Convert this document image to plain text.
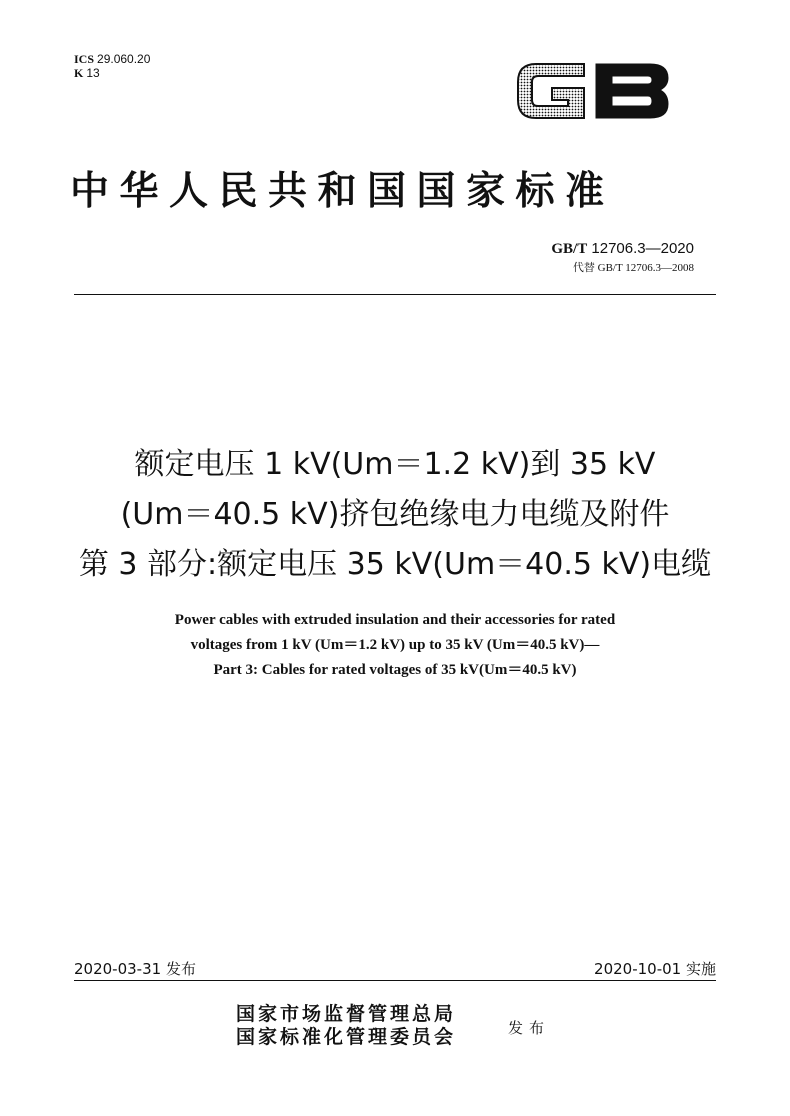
ICS 29.060.20
K 13
中华人民共和国国家标准
GB/T 12706.3—2020
代替 GB/T 12706.3—2008
额定电压 1 kV(Um＝1.2 kV)到 35 kV
(Um＝40.5 kV)挤包绝缘电力电缆及附件
第 3 部分:额定电压 35 kV(Um＝40.5 kV)电缆
Power cables with extruded insulation and their accessories for rated
voltages from 1 kV (Um＝1.2 kV) up to 35 kV (Um＝40.5 kV)—
Part 3: Cables for rated voltages of 35 kV(Um＝40.5 kV)
2020-03-31 发布	2020-10-01 实施
国家市场监督管理总局
国家标准化管理委员会	发布
